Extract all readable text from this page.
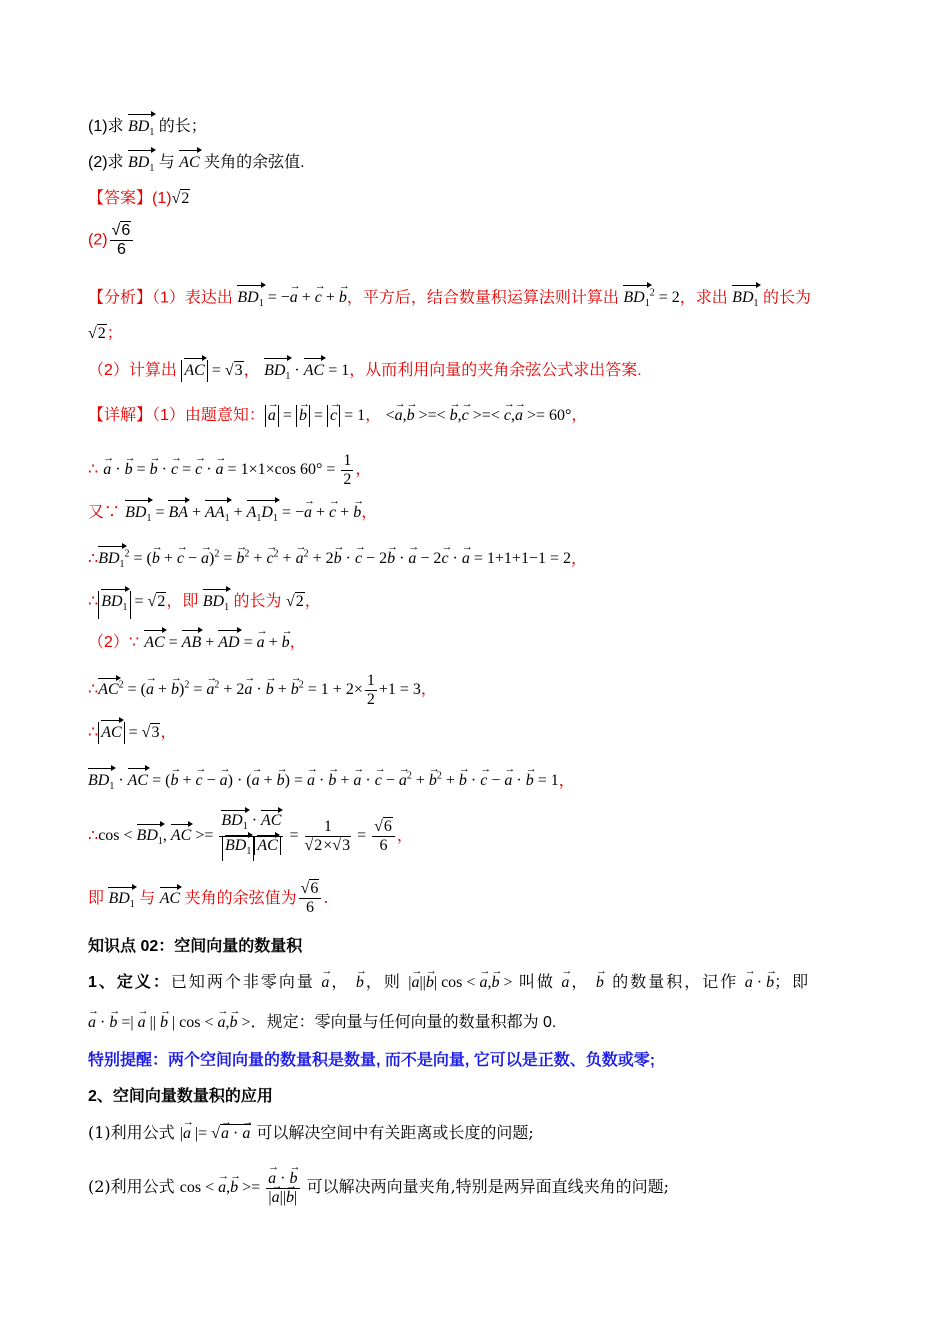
(1)求 $BD_1$ 的长；
(2)求 $BD_1$ 与 AC 夹角的余弦值.
【答案】(1)√2
$(2) \frac{√6}{6}$
【分析】（1）表达出 $BD_1 = -a$ → + c → + b →，平方后，结合数量积运算法则计算出 $BD_1^2 = 2$，求出 $BD_1$ 的长为
√2；
（2）计算出 AC = √3， $BD_1$ · AC = 1，从而利用向量的夹角余弦公式求出答案.
【详解】（1）由题意知： a → = b → = c → = 1， <a →,b → >=< b →,c → >=< c →,a → >= 60°，
∴ a → · b → = b → · c → = c → · a → = 1×1×cos $60^\circ = \frac{1}{2}$ ，
又∵ $BD_1$ = BA + $AA_1 + A_1D_1 = -a$ → + c → + b →，
$\therefore BD_1^2 = (b$ → + c → − a →)$^2$ = b →$^2$ + c →$^2$ + a →$^2$ + 2b → · c → − 2b → · a → − 2c → · a → = 1+1+1−1 = 2，
∴ $BD_1 = √2$，即 $BD_1$ 的长为 √2，
（2）∵ AC = AB + AD = a → + b →，
$\therefore AC^2 = (a$ → + b →)$^2$ = a →$^2$ + 2a → · b → + $b \to^2 = 1 + 2\times \frac{1}{2} +1 = 3$，
∴ AC = √3，
$BD_1$ · AC = (b → + c → − a →) · (a → + b →) = a → · b → + a → · c → − a →$^2$ + b →$^2$ + b → · c → − a → · b → = 1，
∴cos < $BD_1$, AC >= $\frac{BD_1 \cdot AC}{BD_1 AC} = \frac{1}{√2\times√3} = \frac{√6}{6}$ ，
即 $BD_1$ 与 AC 夹角的余弦值为 $\frac{√6}{6}$ .
知识点 02：空间向量的数量积
1、定义：已知两个非零向量 a →， b →，则 |a →||b →| cos < a →,b → > 叫做 a →， b → 的数量积，记作 a → · b →；即
a → · b → =| a → || b → | cos < a →,b → >．规定：零向量与任何向量的数量积都为 0.
特别提醒：两个空间向量的数量积是数量, 而不是向量, 它可以是正数、负数或零;
2、空间向量数量积的应用
(1)利用公式 |a → |= √a → · a → 可以解决空间中有关距离或长度的问题;
(2)利用公式 cos < a →,b → >= $\frac{a \to \cdot b \to}{|a \to||b \to|}$ 可以解决两向量夹角,特别是两异面直线夹角的问题;
